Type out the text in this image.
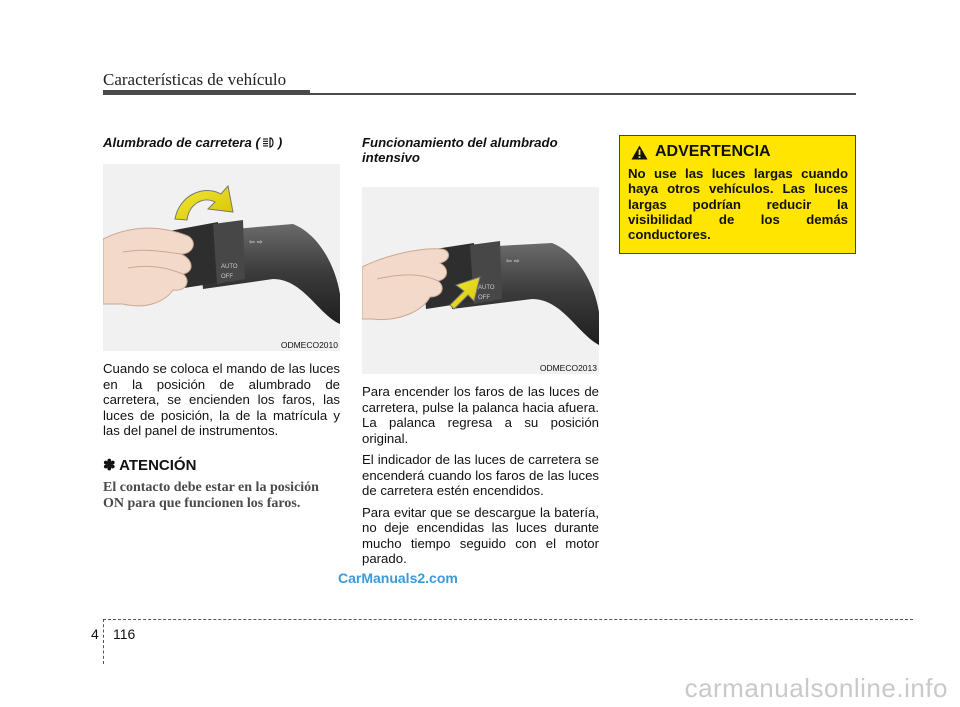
Características de vehículo

Alumbrado de carretera ( )

⇦ ⇨
AUTO
OFF
ODMECO2010

Cuando se coloca el mando de las luces en la posición de alumbrado de carretera, se encienden los faros, las luces de posición, la de la matrícula y las del panel de instrumentos.

✽ ATENCIÓN
El contacto debe estar en la posición ON para que funcionen los faros.

Funcionamiento del alumbrado intensivo

⇦ ⇨
AUTO
OFF
ODMECO2013

Para encender los faros de las luces de carretera, pulse la palanca hacia afuera. La palanca regresa a su posición original.

El indicador de las luces de carretera se encenderá cuando los faros de las luces de carretera estén encendidos.

Para evitar que se descargue la batería, no deje encendidas las luces durante mucho tiempo seguido con el motor parado.

ADVERTENCIA
No use las luces largas cuando haya otros vehículos. Las luces largas podrían reducir la visibilidad de los demás conductores.
CarManuals2.com
4 116
carmanualsonline.info
